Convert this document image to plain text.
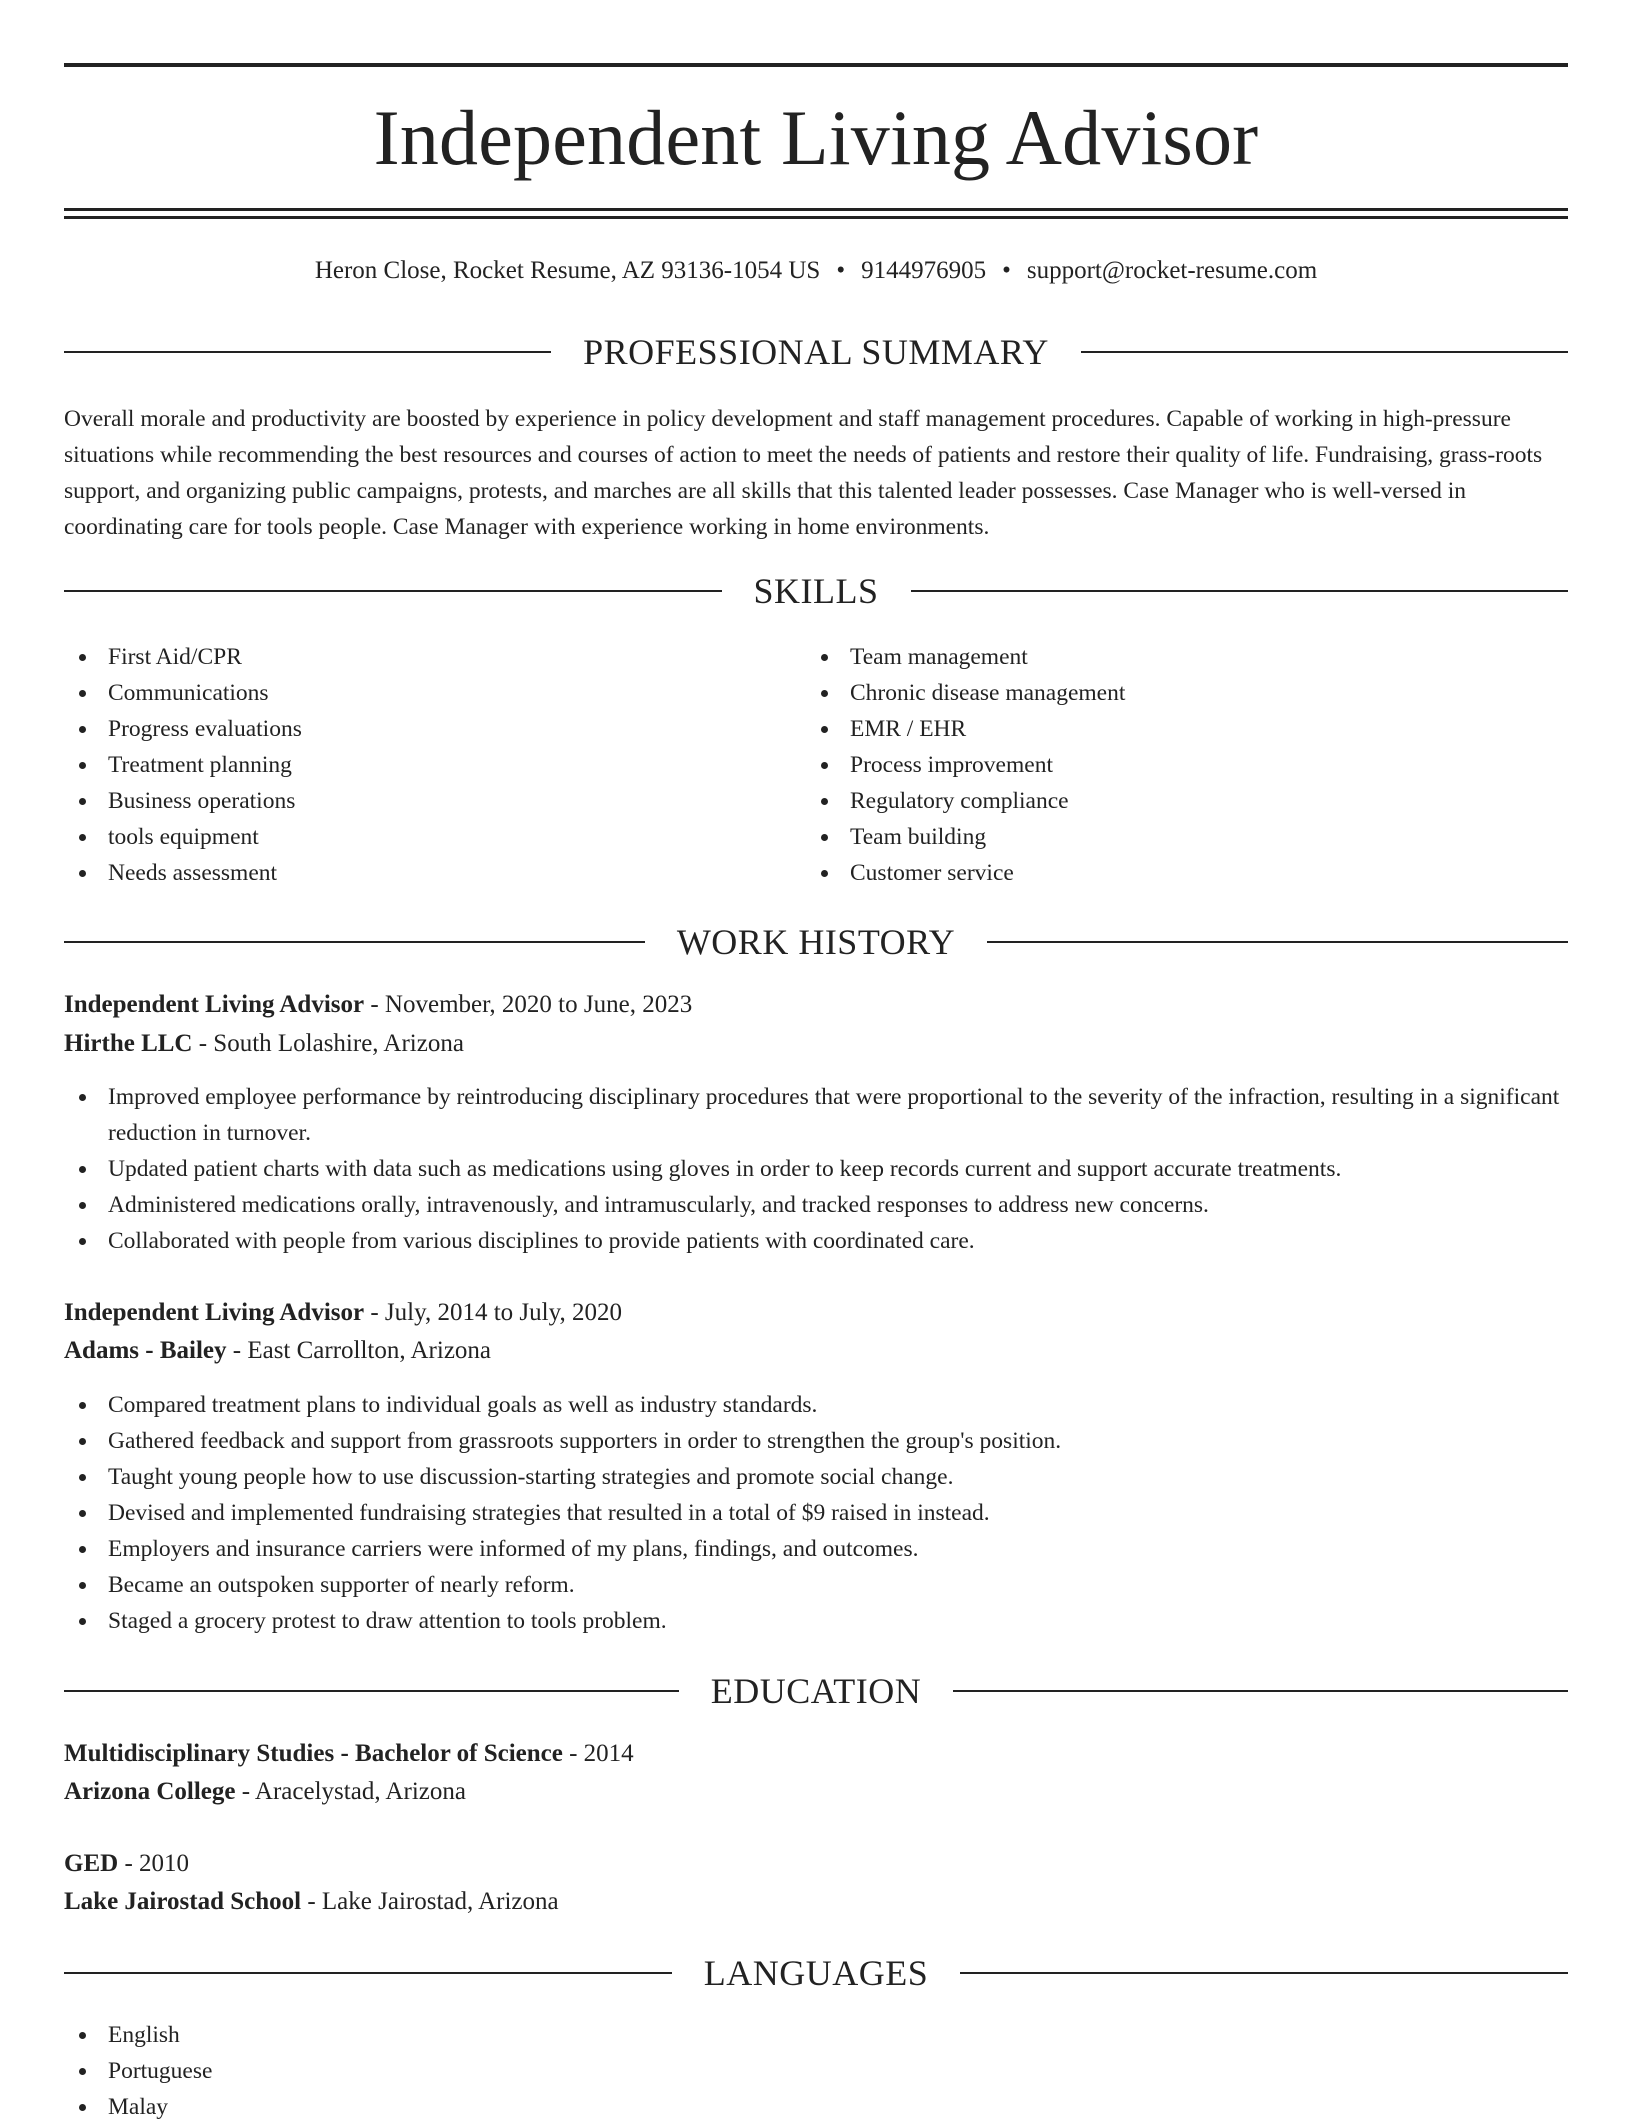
Independent Living Advisor
Heron Close, Rocket Resume, AZ 93136-1054 US • 9144976905 • support@rocket-resume.com
PROFESSIONAL SUMMARY

Overall morale and productivity are boosted by experience in policy development and staff management procedures. Capable of working in high-pressure situations while recommending the best resources and courses of action to meet the needs of patients and restore their quality of life. Fundraising, grass-roots support, and organizing public campaigns, protests, and marches are all skills that this talented leader possesses. Case Manager who is well-versed in coordinating care for tools people. Case Manager with experience working in home environments.

SKILLS
First Aid/CPR
Communications
Progress evaluations
Treatment planning
Business operations
tools equipment
Needs assessment
Team management
Chronic disease management
EMR / EHR
Process improvement
Regulatory compliance
Team building
Customer service
WORK HISTORY
Independent Living Advisor - November, 2020 to June, 2023
Hirthe LLC - South Lolashire, Arizona
Improved employee performance by reintroducing disciplinary procedures that were proportional to the severity of the infraction, resulting in a significant reduction in turnover.
Updated patient charts with data such as medications using gloves in order to keep records current and support accurate treatments.
Administered medications orally, intravenously, and intramuscularly, and tracked responses to address new concerns.
Collaborated with people from various disciplines to provide patients with coordinated care.
Independent Living Advisor - July, 2014 to July, 2020
Adams - Bailey - East Carrollton, Arizona
Compared treatment plans to individual goals as well as industry standards.
Gathered feedback and support from grassroots supporters in order to strengthen the group's position.
Taught young people how to use discussion-starting strategies and promote social change.
Devised and implemented fundraising strategies that resulted in a total of $9 raised in instead.
Employers and insurance carriers were informed of my plans, findings, and outcomes.
Became an outspoken supporter of nearly reform.
Staged a grocery protest to draw attention to tools problem.
EDUCATION
Multidisciplinary Studies - Bachelor of Science - 2014
Arizona College - Aracelystad, Arizona
GED - 2010
Lake Jairostad School - Lake Jairostad, Arizona
LANGUAGES
English
Portuguese
Malay
